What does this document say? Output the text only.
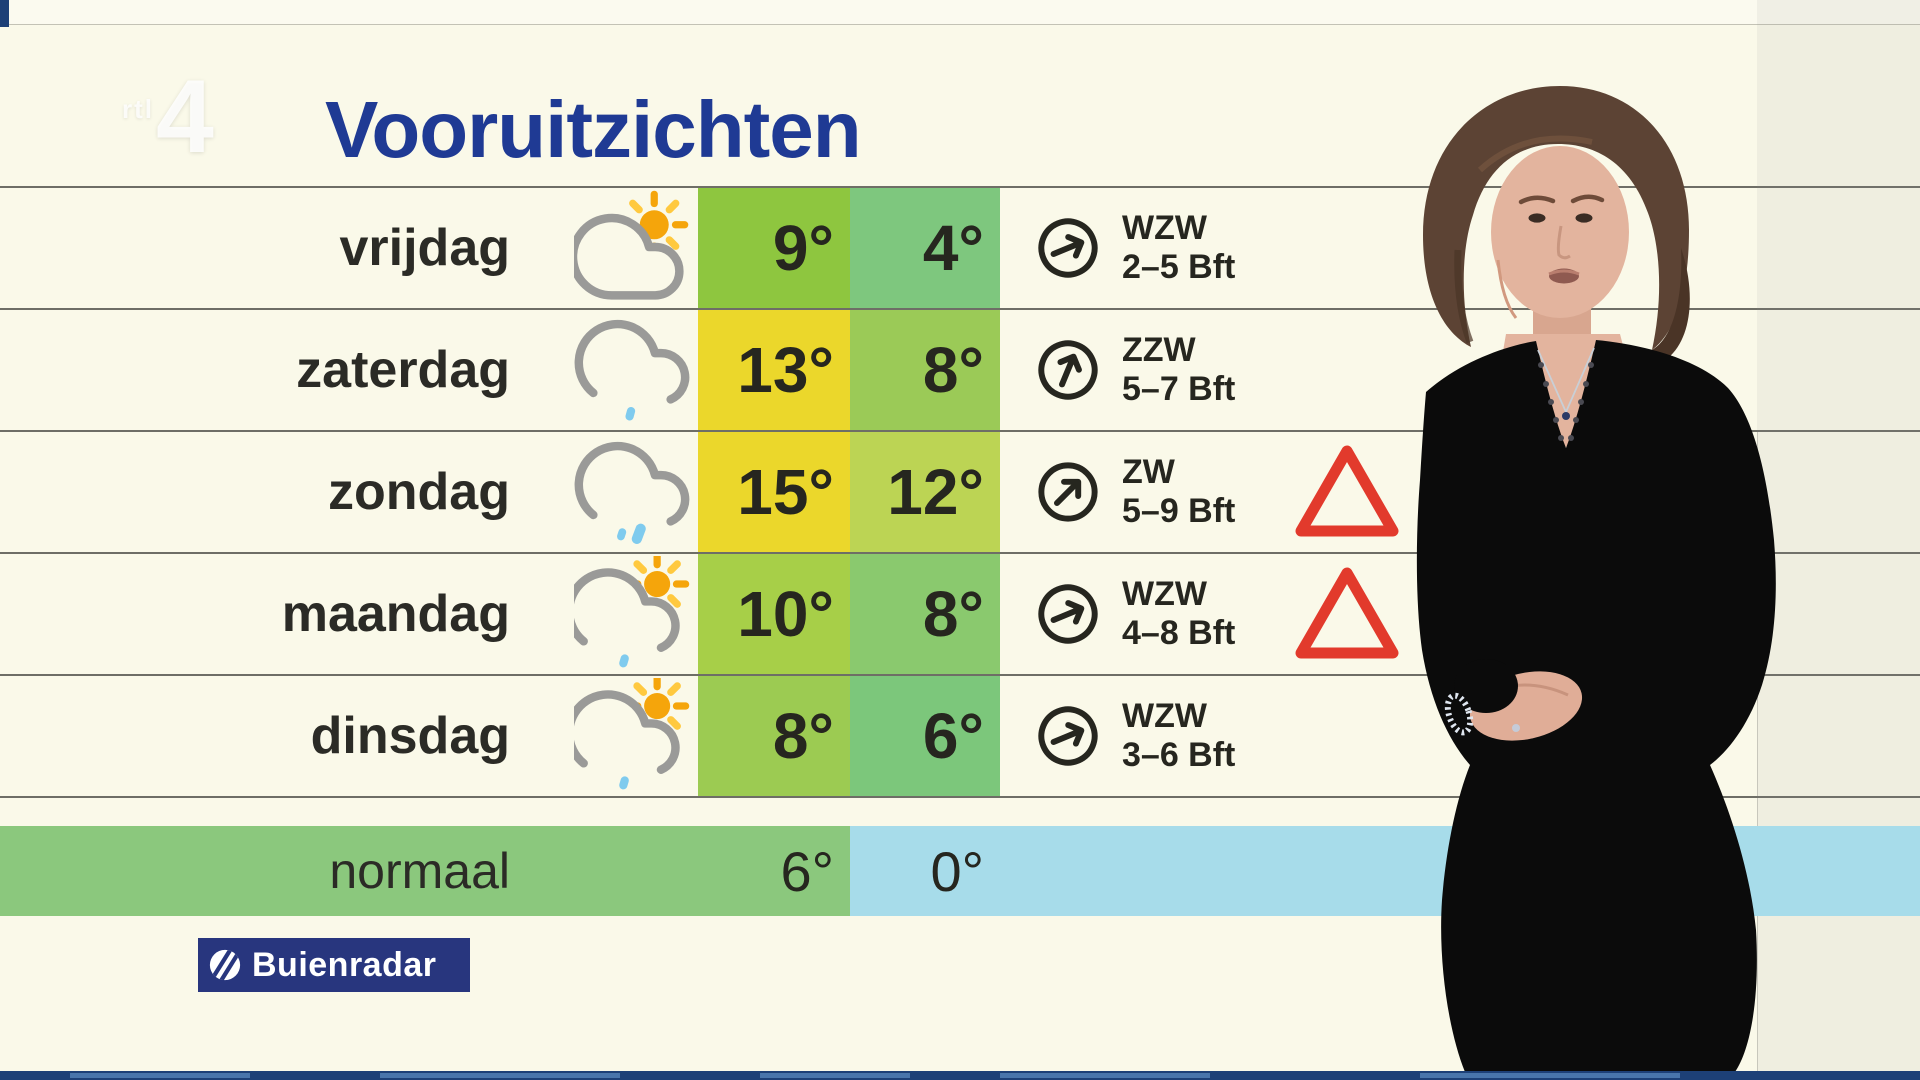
rtl 4 Vooruitzichten
vrijdag	9°	4°	WZW
2–5 Bft
zaterdag	13°	8°	ZZW
5–7 Bft
zondag	15° 12°	ZW
5–9 Bft
maandag	10°	8°	WZW
4–8 Bft
dinsdag	8°	6°	WZW
3–6 Bft
normaal	6°	0°
Buienradar
